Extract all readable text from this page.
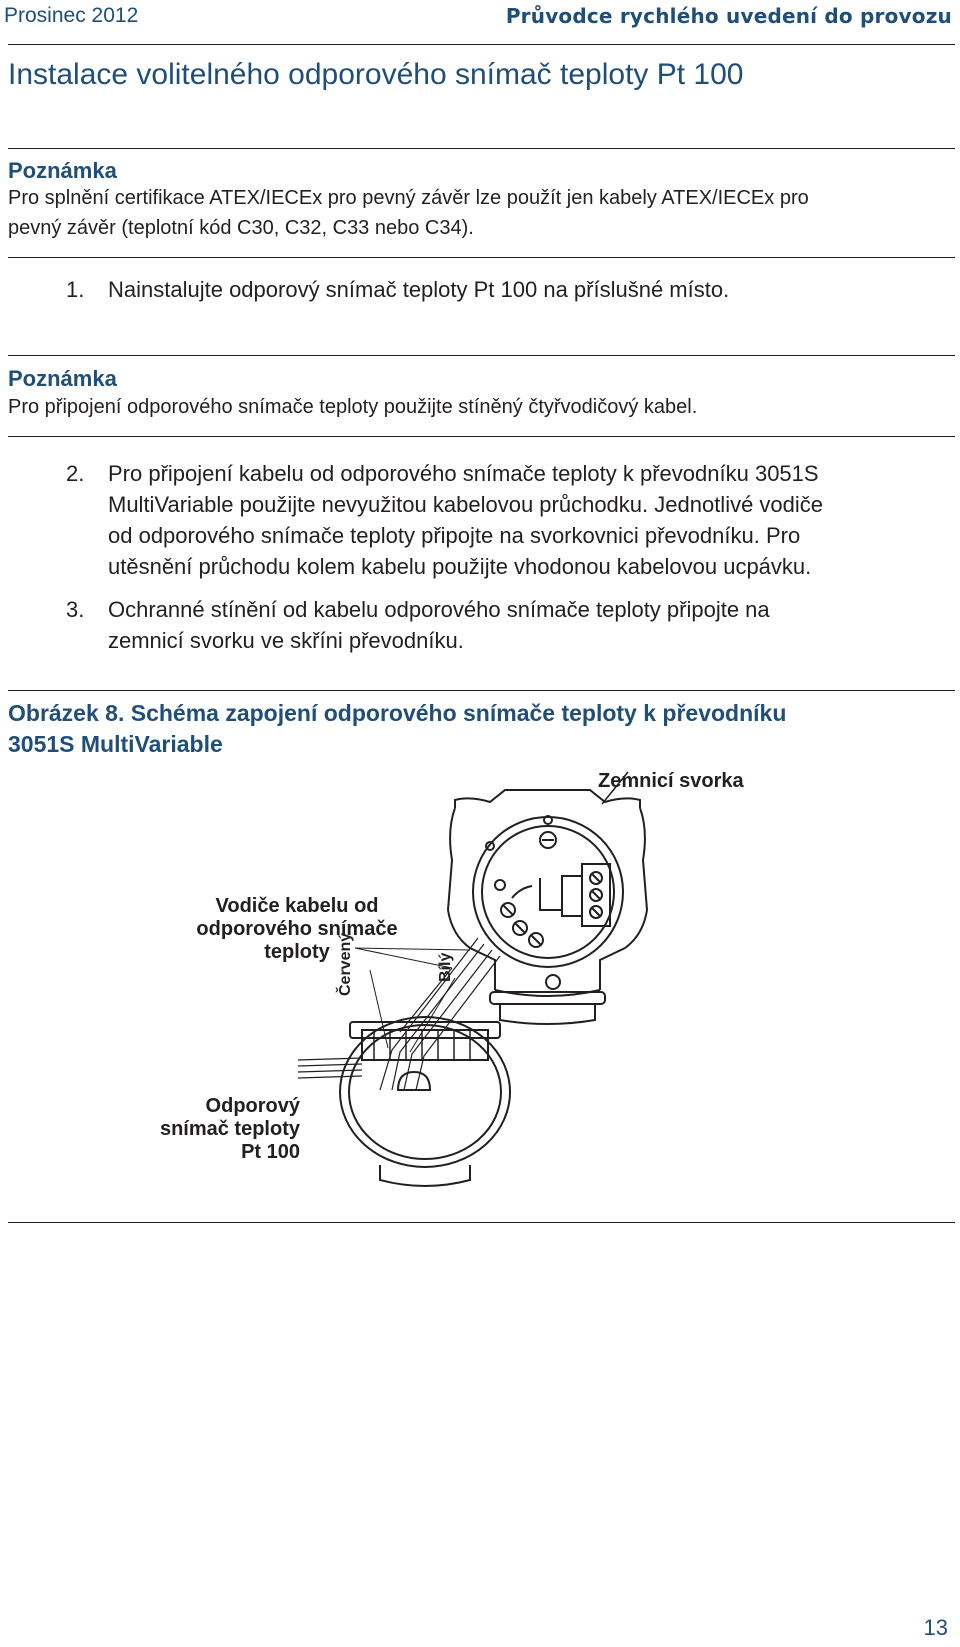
Prosinec 2012	Průvodce rychlého uvedení do provozu
Instalace volitelného odporového snímač teploty Pt 100
Poznámka
Pro splnění certifikace ATEX/IECEx pro pevný závěr lze použít jen kabely ATEX/IECEx pro
pevný závěr (teplotní kód C30, C32, C33 nebo C34).
1. Nainstalujte odporový snímač teploty Pt 100 na příslušné místo.
Poznámka
Pro připojení odporového snímače teploty použijte stíněný čtyřvodičový kabel.
2. Pro připojení kabelu od odporového snímače teploty k převodníku 3051S
MultiVariable použijte nevyužitou kabelovou průchodku. Jednotlivé vodiče
od odporového snímače teploty připojte na svorkovnici převodníku. Pro
utěsnění průchodu kolem kabelu použijte vhodonou kabelovou ucpávku.
3. Ochranné stínění od kabelu odporového snímače teploty připojte na
zemnicí svorku ve skříni převodníku.
Obrázek 8. Schéma zapojení odporového snímače teploty k převodníku
3051S MultiVariable
Červený	Bílý
Zemnicí svorka
Vodiče kabelu od
odporového snímače
teploty
Odporový
snímač teploty
Pt 100
13
